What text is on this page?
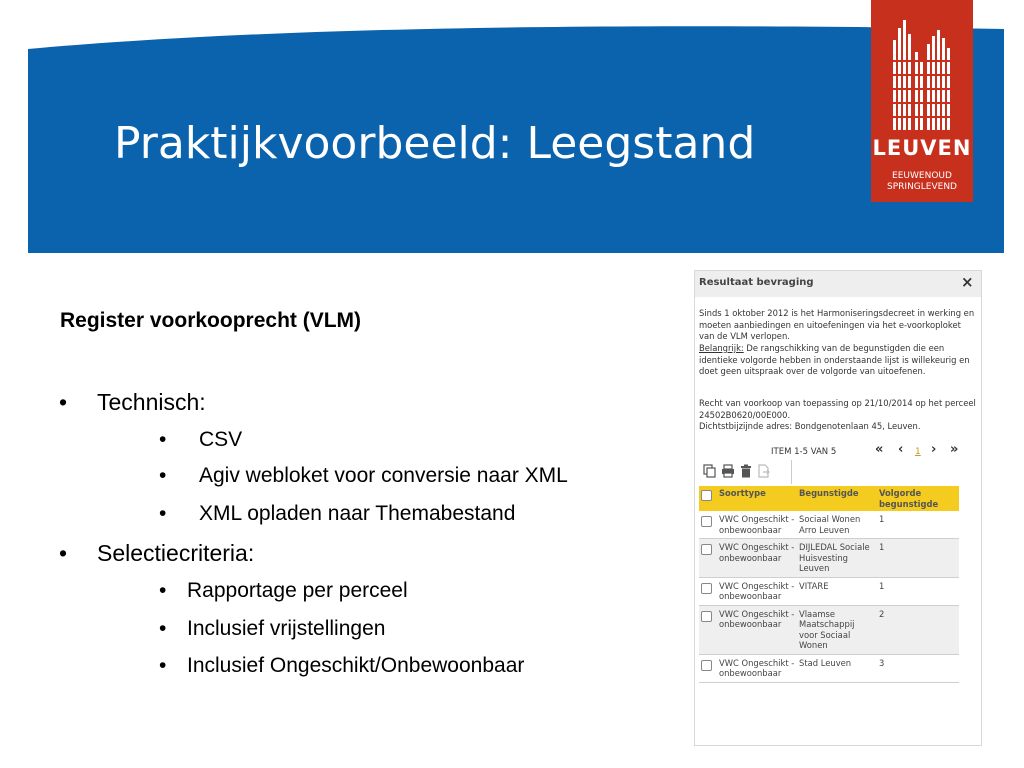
Praktijkvoorbeeld: Leegstand	LEUVEN
EEUWENOUD
SPRINGLEVEND
Register voorkooprecht (VLM)
• Technisch:
• CSV
• Agiv webloket voor conversie naar XML
• XML opladen naar Themabestand
• Selectiecriteria:
• Rapportage per perceel
• Inclusief vrijstellingen
• Inclusief Ongeschikt/Onbewoonbaar
Resultaat bevraging	×
Sinds 1 oktober 2012 is het Harmoniseringsdecreet in werking en moeten aanbiedingen en uitoefeningen via het e-voorkoploket van de VLM verlopen.
Belangrijk: De rangschikking van de begunstigden die een identieke volgorde hebben in onderstaande lijst is willekeurig en doet geen uitspraak over de volgorde van uitoefenen.
Recht van voorkoop van toepassing op 21/10/2014 op het perceel 24502B0620/00E000.
Dichtstbijzijnde adres: Bondgenotenlaan 45, Leuven.
ITEM 1-5 VAN 5	« ‹ 1 › »
	Soorttype	Begunstigde	Volgorde begunstigde
	VWC Ongeschikt - onbewoonbaar	Sociaal Wonen Arro Leuven	1
	VWC Ongeschikt - onbewoonbaar	DIJLEDAL Sociale Huisvesting Leuven	1
	VWC Ongeschikt - onbewoonbaar	VITARE	1
	VWC Ongeschikt - onbewoonbaar	Vlaamse Maatschappij voor Sociaal Wonen	2
	VWC Ongeschikt - onbewoonbaar	Stad Leuven	3
